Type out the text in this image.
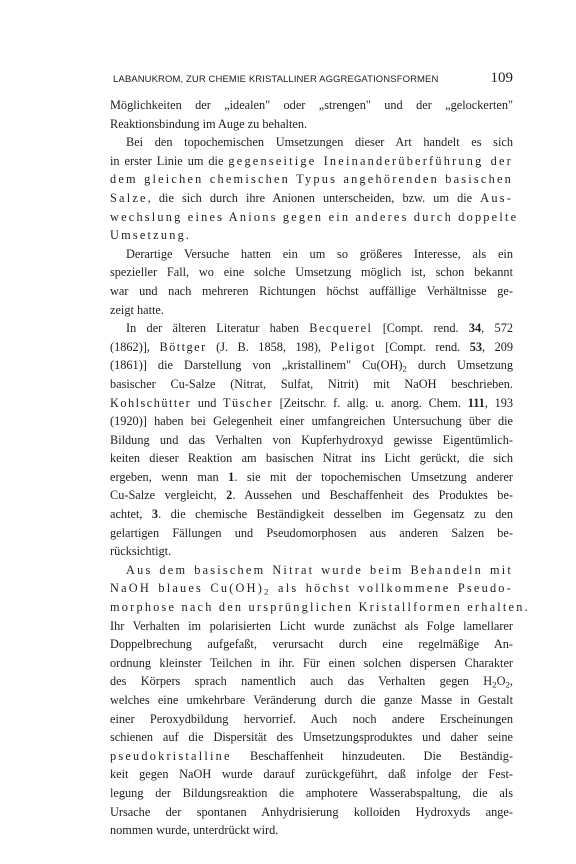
LABANUKROM, ZUR CHEMIE KRISTALLINER AGGREGATIONSFORMEN	109
Möglichkeiten der „idealen" oder „strengen" und der „gelockerten"
Reaktionsbindung im Auge zu behalten.
Bei den topochemischen Umsetzungen dieser Art handelt es sich
in erster Linie um die gegenseitige Ineinanderüberführung der
dem gleichen chemischen Typus angehörenden basischen
Salze, die sich durch ihre Anionen unterscheiden, bzw. um die Aus-
wechslung eines Anions gegen ein anderes durch doppelte
Umsetzung.
Derartige Versuche hatten ein um so größeres Interesse, als ein
spezieller Fall, wo eine solche Umsetzung möglich ist, schon bekannt
war und nach mehreren Richtungen höchst auffällige Verhältnisse ge-
zeigt hatte.
In der älteren Literatur haben Becquerel [Compt. rend. 34, 572
(1862)], Böttger (J. B. 1858, 198), Peligot [Compt. rend. 53, 209
(1861)] die Darstellung von „kristallinem" $Cu(OH)_2$ durch Umsetzung
basischer Cu-Salze (Nitrat, Sulfat, Nitrit) mit NaOH beschrieben.
Kohlschütter und Tüscher [Zeitschr. f. allg. u. anorg. Chem. 111, 193
(1920)] haben bei Gelegenheit einer umfangreichen Untersuchung über die
Bildung und das Verhalten von Kupferhydroxyd gewisse Eigentümlich-
keiten dieser Reaktion am basischen Nitrat ins Licht gerückt, die sich
ergeben, wenn man 1. sie mit der topochemischen Umsetzung anderer
Cu-Salze vergleicht, 2. Aussehen und Beschaffenheit des Produktes be-
achtet, 3. die chemische Beständigkeit desselben im Gegensatz zu den
gelartigen Fällungen und Pseudomorphosen aus anderen Salzen be-
rücksichtigt.
Aus dem basischem Nitrat wurde beim Behandeln mit
NaOH blaues $Cu(OH)_2$ als höchst vollkommene Pseudo-
morphose nach den ursprünglichen Kristallformen erhalten.
Ihr Verhalten im polarisierten Licht wurde zunächst als Folge lamellarer
Doppelbrechung aufgefaßt, verursacht durch eine regelmäßige An-
ordnung kleinster Teilchen in ihr. Für einen solchen dispersen Charakter
des Körpers sprach namentlich auch das Verhalten gegen $H_2O_2$,
welches eine umkehrbare Veränderung durch die ganze Masse in Gestalt
einer Peroxydbildung hervorrief. Auch noch andere Erscheinungen
schienen auf die Dispersität des Umsetzungsproduktes und daher seine
pseudokristalline Beschaffenheit hinzudeuten. Die Beständig-
keit gegen NaOH wurde darauf zurückgeführt, daß infolge der Fest-
legung der Bildungsreaktion die amphotere Wasserabspaltung, die als
Ursache der spontanen Anhydrisierung kolloiden Hydroxyds ange-
nommen wurde, unterdrückt wird.
